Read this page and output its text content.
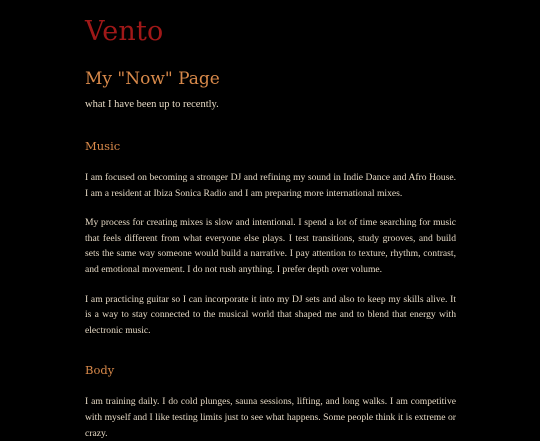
Vento
My "Now" Page

what I have been up to recently.

Music

I am focused on becoming a stronger DJ and refining my sound in Indie Dance and Afro House. I am a resident at Ibiza Sonica Radio and I am preparing more international mixes.

My process for creating mixes is slow and intentional. I spend a lot of time searching for music that feels different from what everyone else plays. I test transitions, study grooves, and build sets the same way someone would build a narrative. I pay attention to texture, rhythm, contrast, and emotional movement. I do not rush anything. I prefer depth over volume.

I am practicing guitar so I can incorporate it into my DJ sets and also to keep my skills alive. It is a way to stay connected to the musical world that shaped me and to blend that energy with electronic music.

Body

I am training daily. I do cold plunges, sauna sessions, lifting, and long walks. I am competitive with myself and I like testing limits just to see what happens. Some people think it is extreme or crazy.
